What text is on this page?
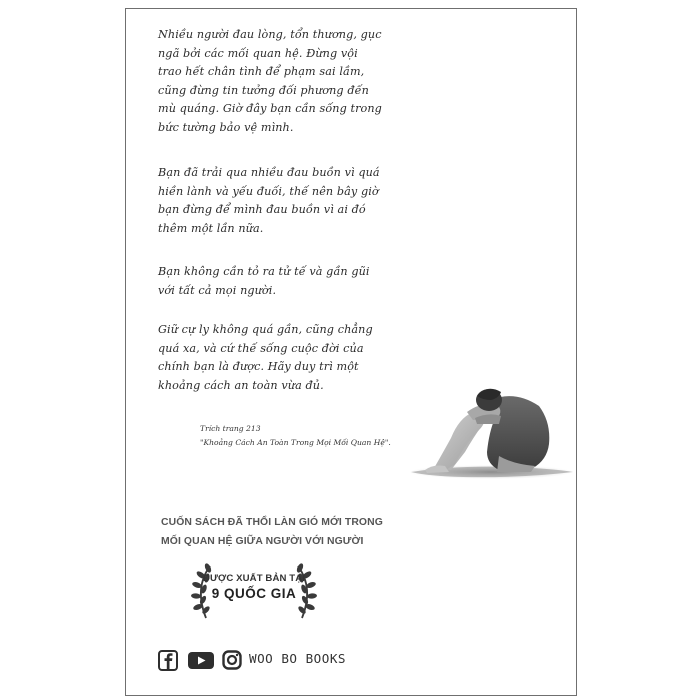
Nhiều người đau lòng, tổn thương, gục
ngã bởi các mối quan hệ. Đừng vội
trao hết chân tình để phạm sai lầm,
cũng đừng tin tưởng đối phương đến
mù quáng. Giờ đây bạn cần sống trong
bức tường bảo vệ mình.

Bạn đã trải qua nhiều đau buồn vì quá
hiền lành và yếu đuối, thế nên bây giờ
bạn đừng để mình đau buồn vì ai đó
thêm một lần nữa.

Bạn không cần tỏ ra tử tế và gần gũi
với tất cả mọi người.

Giữ cự ly không quá gần, cũng chẳng
quá xa, và cứ thế sống cuộc đời của
chính bạn là được. Hãy duy trì một
khoảng cách an toàn vừa đủ.

Trích trang 213
"Khoảng Cách An Toàn Trong Mọi Mối Quan Hệ".
CUỐN SÁCH ĐÃ THỔI LÀN GIÓ MỚI TRONG
MỐI QUAN HỆ GIỮA NGƯỜI VỚI NGƯỜI
ĐƯỢC XUẤT BẢN TẠI
9 QUỐC GIA
WOO BO BOOKS
